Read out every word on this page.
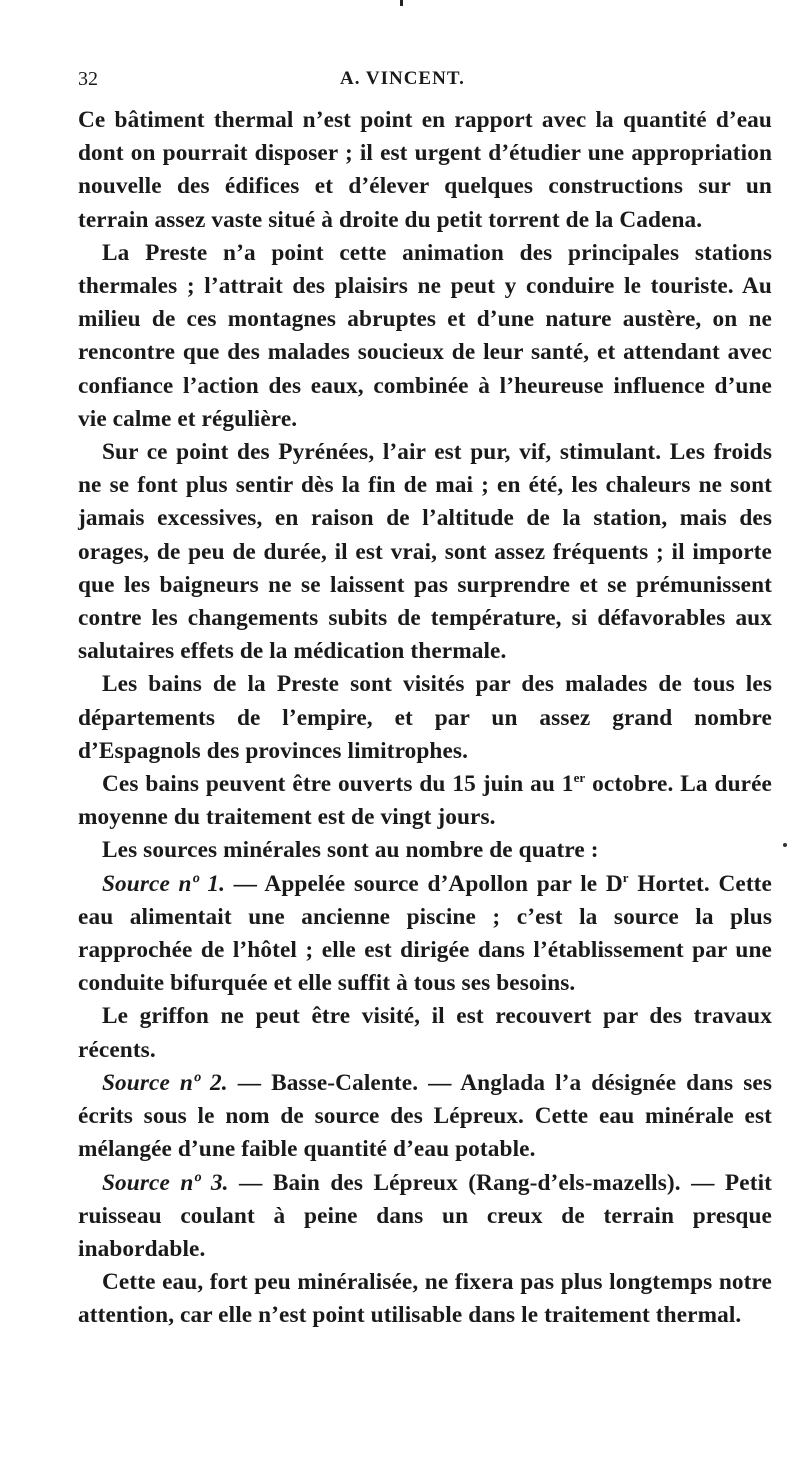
32	A. VINCENT.

Ce bâtiment thermal n’est point en rapport avec la quantité d’eau dont on pourrait disposer ; il est urgent d’étudier une appropriation nouvelle des édifices et d’élever quelques constructions sur un terrain assez vaste situé à droite du petit torrent de la Cadena.

La Preste n’a point cette animation des principales stations thermales ; l’attrait des plaisirs ne peut y conduire le touriste. Au milieu de ces montagnes abruptes et d’une nature austère, on ne rencontre que des malades soucieux de leur santé, et attendant avec confiance l’action des eaux, combinée à l’heureuse influence d’une vie calme et régulière.

Sur ce point des Pyrénées, l’air est pur, vif, stimulant. Les froids ne se font plus sentir dès la fin de mai ; en été, les chaleurs ne sont jamais excessives, en raison de l’altitude de la station, mais des orages, de peu de durée, il est vrai, sont assez fréquents ; il importe que les baigneurs ne se laissent pas surprendre et se prémunissent contre les changements subits de température, si défavorables aux salutaires effets de la médication thermale.

Les bains de la Preste sont visités par des malades de tous les départements de l’empire, et par un assez grand nombre d’Espagnols des provinces limitrophes.

Ces bains peuvent être ouverts du 15 juin au 1er octobre. La durée moyenne du traitement est de vingt jours.

Les sources minérales sont au nombre de quatre :

Source nº 1. — Appelée source d’Apollon par le $D^r$ Hortet. Cette eau alimentait une ancienne piscine ; c’est la source la plus rapprochée de l’hôtel ; elle est dirigée dans l’établissement par une conduite bifurquée et elle suffit à tous ses besoins.

Le griffon ne peut être visité, il est recouvert par des travaux récents.

Source nº 2. — Basse-Calente. — Anglada l’a désignée dans ses écrits sous le nom de source des Lépreux. Cette eau minérale est mélangée d’une faible quantité d’eau potable.

Source nº 3. — Bain des Lépreux (Rang-d’els-mazells). — Petit ruisseau coulant à peine dans un creux de terrain presque inabordable.

Cette eau, fort peu minéralisée, ne fixera pas plus longtemps notre attention, car elle n’est point utilisable dans le traitement thermal.
